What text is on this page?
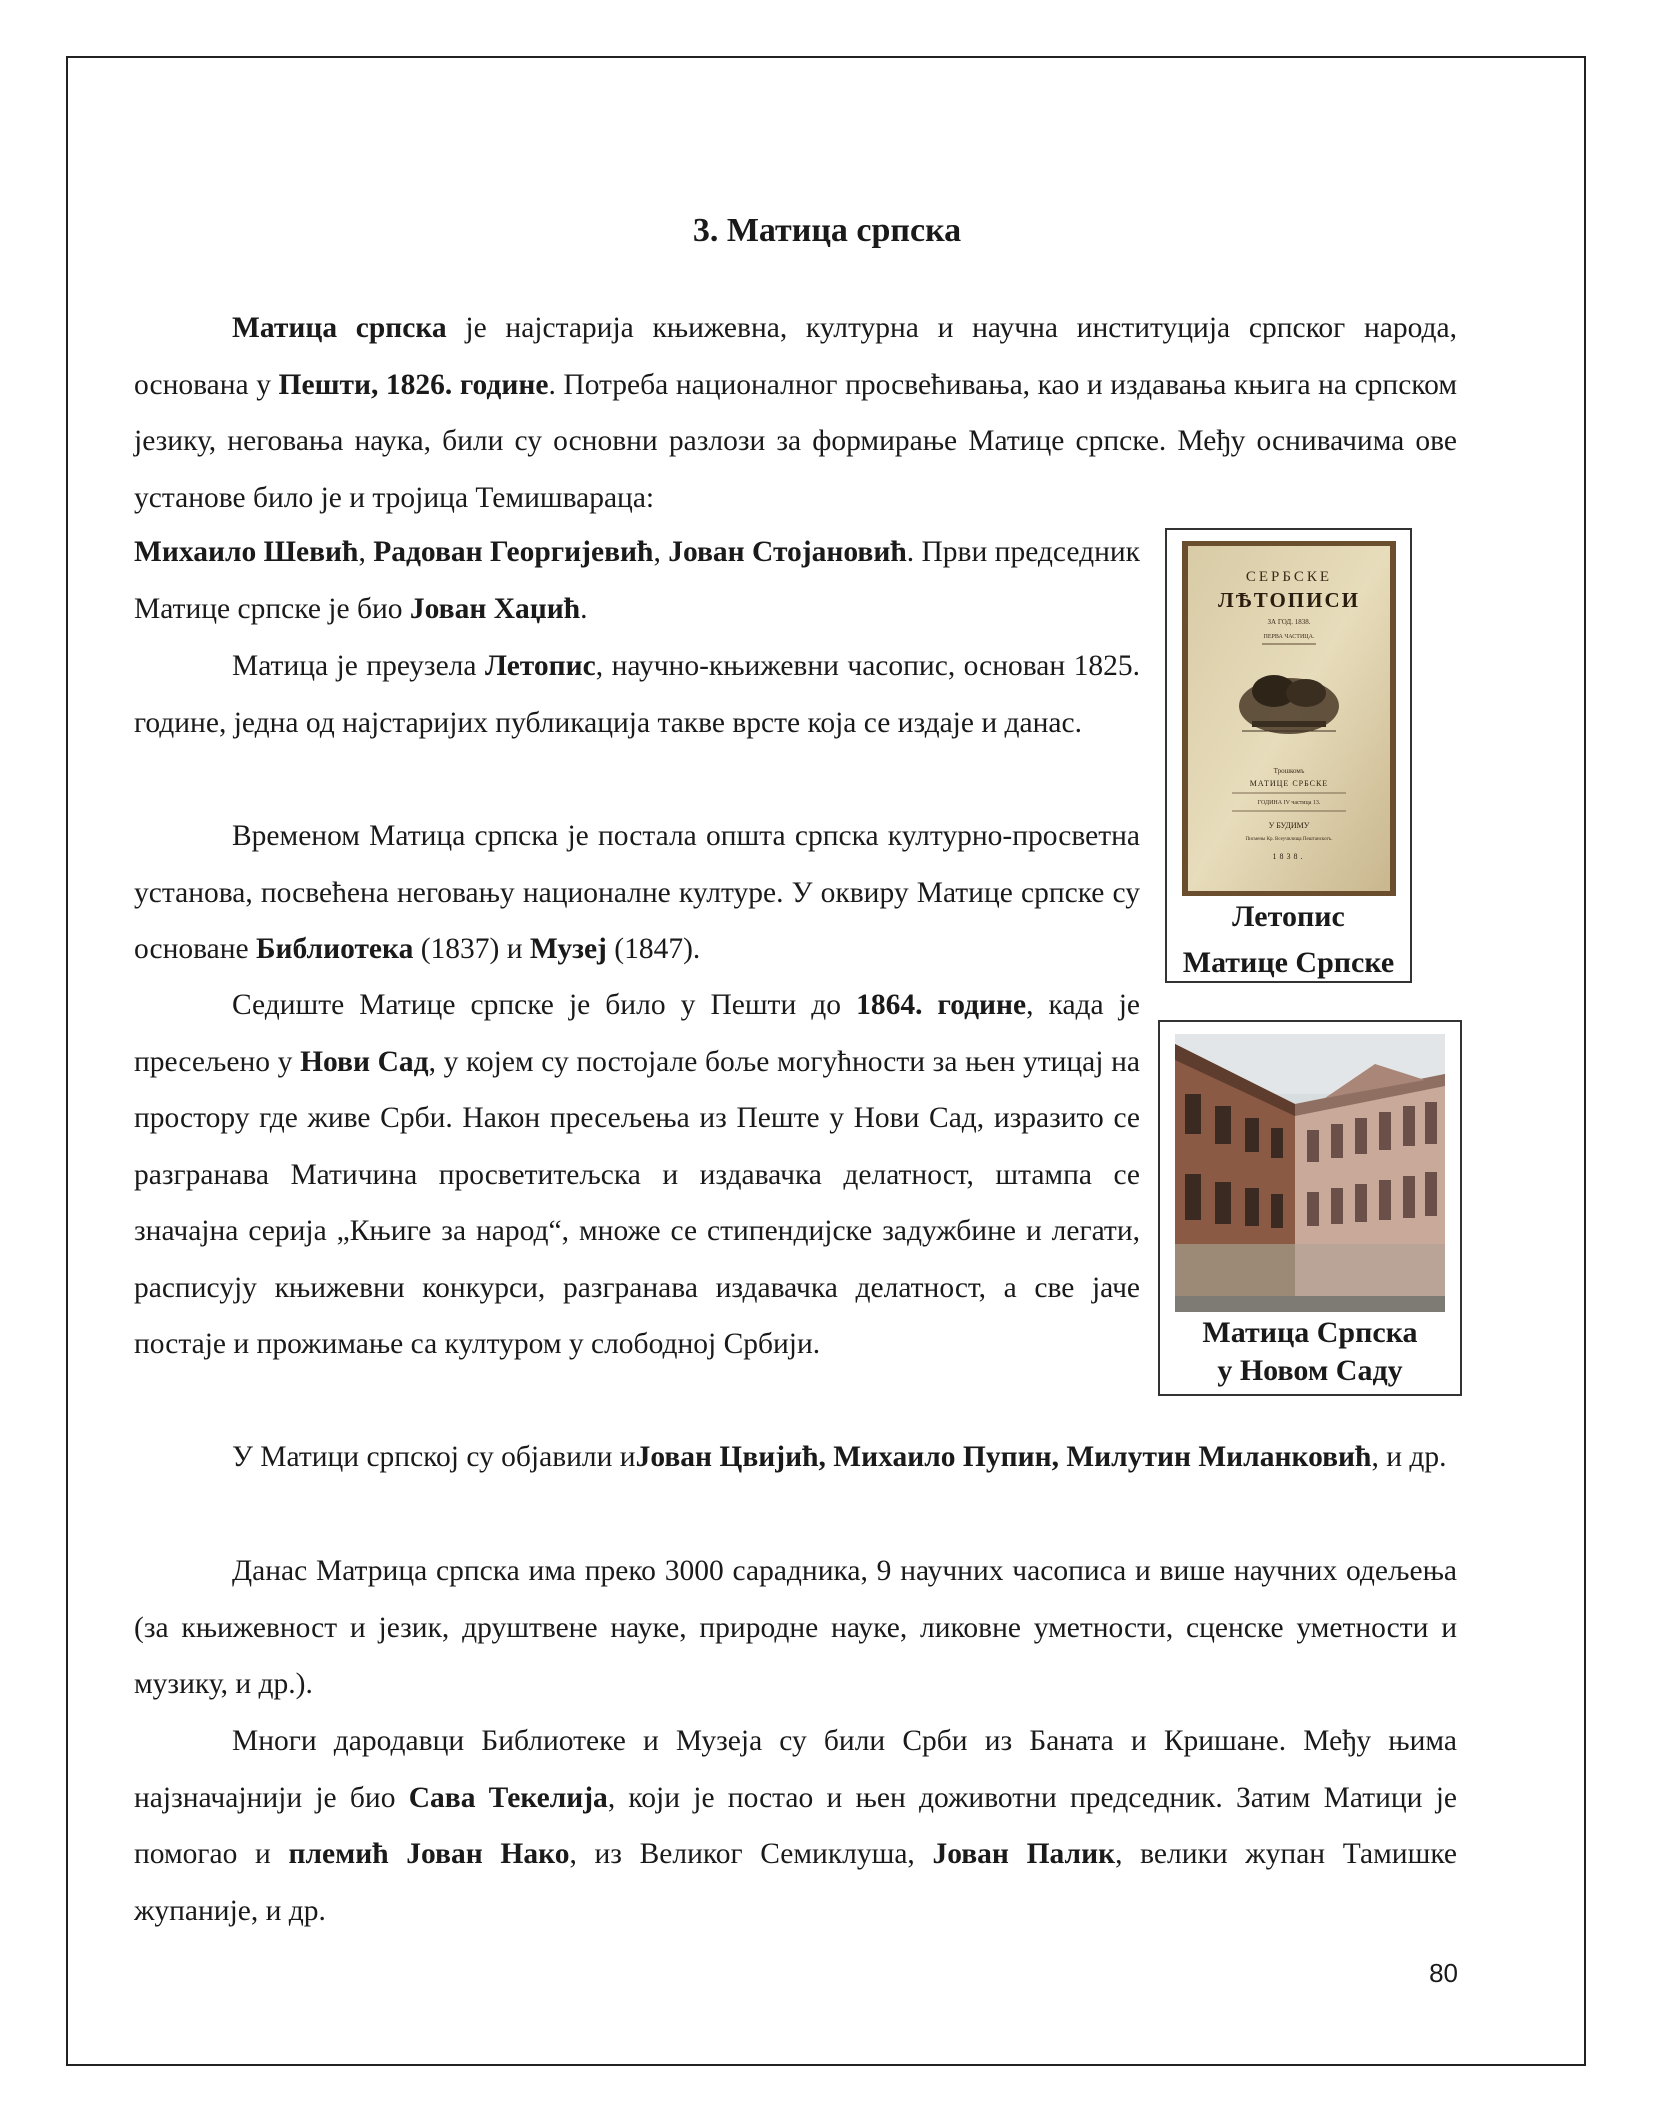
3. Матица српска

Матица српска је најстарија књижевна, културна и научна институција српског народа, основана у Пешти, 1826. године. Потреба националног просвећивања, као и издавања књига на српском језику, неговања наука, били су основни разлози за формирање Матице српске. Међу оснивачима ове установе било је и тројица Темишвараца:

Михаило Шевић, Радован Георгијевић, Јован Стојановић. Први председник Матице српске је био Јован Хаџић.

Матица је преузела Летопис, научно-књижевни часопис, основан 1825. године, једна од најстаријих публикација такве врсте која се издаје и данас.

Временом Матица српска је постала општа српска културно-просветна установа, посвећена неговању националне културе. У оквиру Матице српске су основане Библиотека (1837) и Музеј (1847).

Седиште Матице српске је било у Пешти до 1864. године, када је пресељено у Нови Сад, у којем су постојале боље могућности за њен утицај на простору где живе Срби. Након пресељења из Пеште у Нови Сад, изразито се разгранава Матичина просветитељска и издавачка делатност, штампа се значајна серија „Књиге за народ“, множе се стипендијске задужбине и легати, расписују књижевни конкурси, разгранава издавачка делатност, а све јаче постаје и прожимање са културом у слободној Србији.

У Матици српској су објавили иЈован Цвијић, Михаило Пупин, Милутин Миланковић, и др.

Данас Матрица српска има преко 3000 сарадника, 9 научних часописа и више научних одељења (за књижевност и језик, друштвене науке, природне науке, ликовне уметности, сценске уметности и музику, и др.).

Многи дародавци Библиотеке и Музеја су били Срби из Баната и Кришане. Међу њима најзначајнији је био Сава Текелија, који је постао и њен доживотни председник. Затим Матици је помогао и племић Јован Нако, из Великог Семиклуша, Јован Палик, велики жупан Тамишке жупаније, и др.

СЕРБСКЕ
ЛѢТОПИСИ
ЗА ГОД. 1838.
ПЕРВА ЧАСТИЦА.
Трошкомъ
МАТИЦЕ СРБСКЕ
ГОДИНА IV частица 13.
У БУДИМУ
Писмены Кр. Всеучилища Пештанскогъ.
1838.

Летопис

Матице Српске

Матица Српска

у Новом Саду

80
